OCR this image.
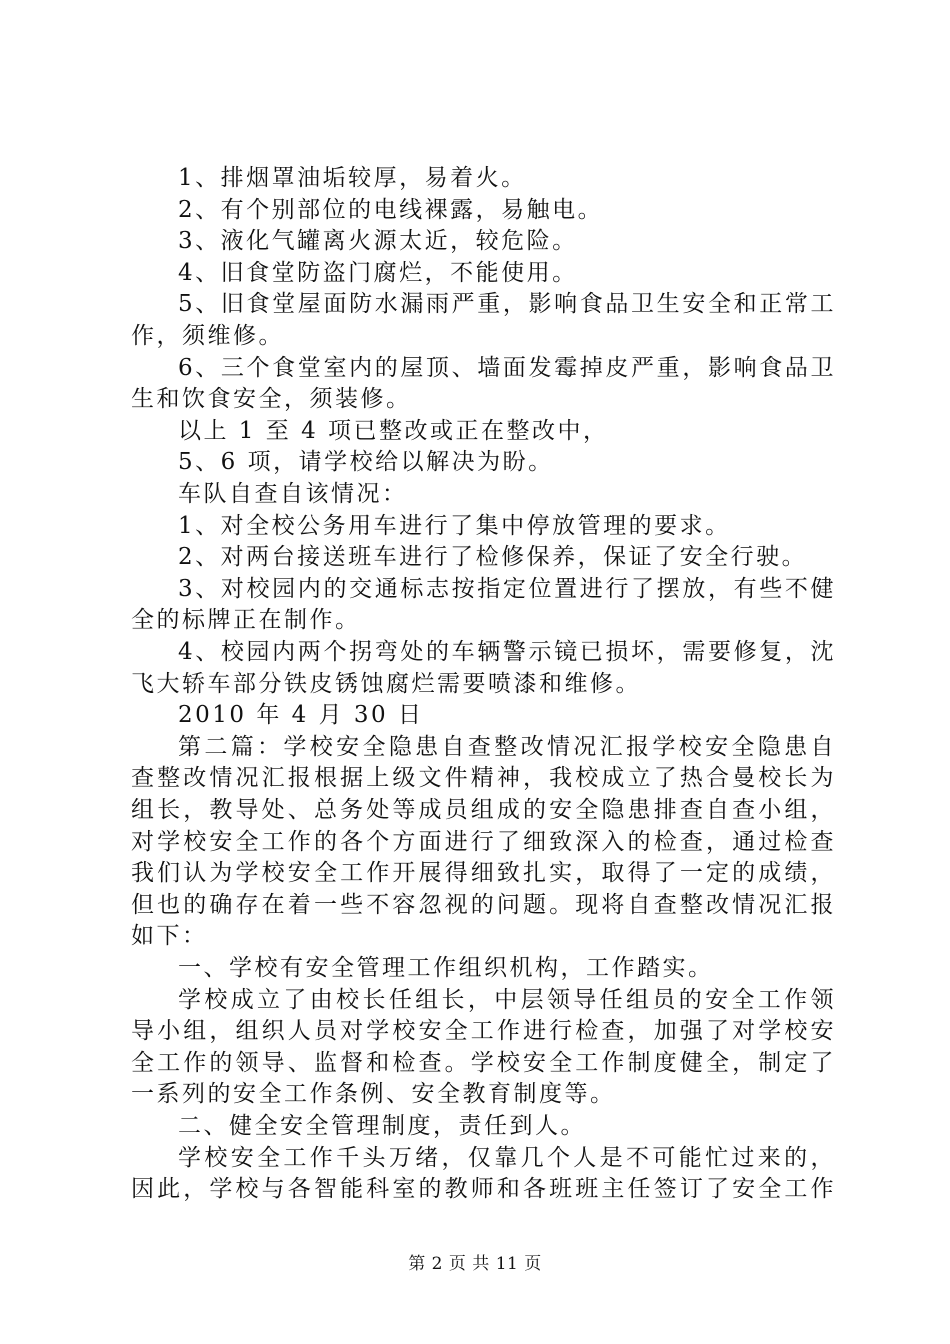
1、排烟罩油垢较厚，易着火。
2、有个别部位的电线裸露，易触电。
3、液化气罐离火源太近，较危险。
4、旧食堂防盗门腐烂，不能使用。
5、旧食堂屋面防水漏雨严重，影响食品卫生安全和正常工
作，须维修。
6、三个食堂室内的屋顶、墙面发霉掉皮严重，影响食品卫
生和饮食安全，须装修。
以上 1 至 4 项已整改或正在整改中，
5、6 项，请学校给以解决为盼。
车队自查自该情况：
1、对全校公务用车进行了集中停放管理的要求。
2、对两台接送班车进行了检修保养，保证了安全行驶。
3、对校园内的交通标志按指定位置进行了摆放，有些不健
全的标牌正在制作。
4、校园内两个拐弯处的车辆警示镜已损坏，需要修复，沈
飞大轿车部分铁皮锈蚀腐烂需要喷漆和维修。
2010 年 4 月 30 日
第二篇：学校安全隐患自查整改情况汇报学校安全隐患自
查整改情况汇报根据上级文件精神，我校成立了热合曼校长为
组长，教导处、总务处等成员组成的安全隐患排查自查小组，
对学校安全工作的各个方面进行了细致深入的检查，通过检查
我们认为学校安全工作开展得细致扎实，取得了一定的成绩，
但也的确存在着一些不容忽视的问题。现将自查整改情况汇报
如下：
一、学校有安全管理工作组织机构，工作踏实。
学校成立了由校长任组长，中层领导任组员的安全工作领
导小组，组织人员对学校安全工作进行检查，加强了对学校安
全工作的领导、监督和检查。学校安全工作制度健全，制定了
一系列的安全工作条例、安全教育制度等。
二、健全安全管理制度，责任到人。
学校安全工作千头万绪，仅靠几个人是不可能忙过来的，
因此，学校与各智能科室的教师和各班班主任签订了安全工作
第 2 页 共 11 页
